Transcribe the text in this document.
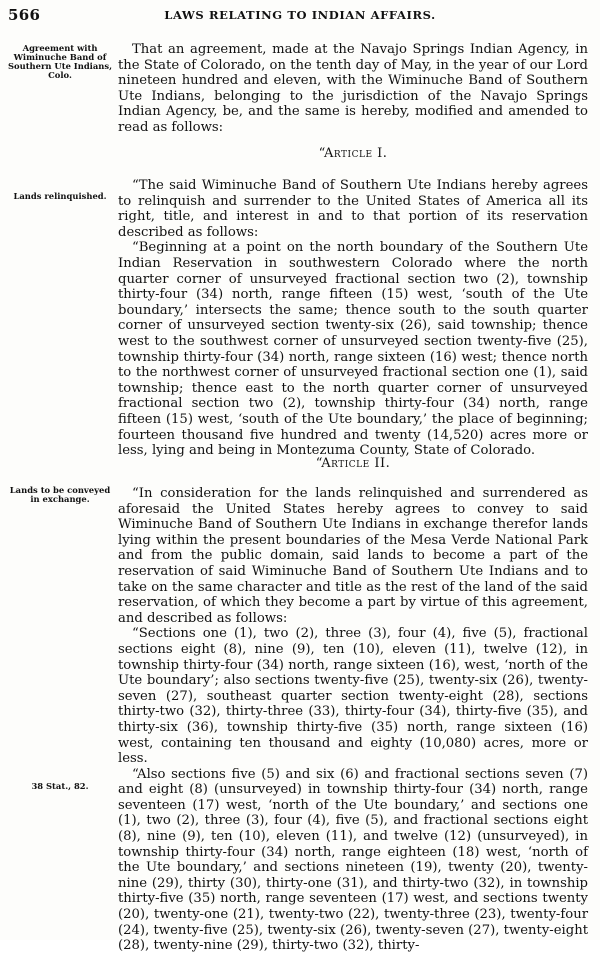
566	LAWS RELATING TO INDIAN AFFAIRS.
Agreement with Wiminuche Band of Southern Ute Indians, Colo.
Lands relinquished.
Lands to be conveyed in exchange.
38 Stat., 82.

That an agreement, made at the Navajo Springs Indian Agency, in the State of Colorado, on the tenth day of May, in the year of our Lord nineteen hundred and eleven, with the Wiminuche Band of Southern Ute Indians, belonging to the jurisdiction of the Navajo Springs Indian Agency, be, and the same is hereby, modified and amended to read as follows:

“Article I.

“The said Wiminuche Band of Southern Ute Indians hereby agrees to relinquish and surrender to the United States of America all its right, title, and interest in and to that portion of its reservation described as follows:

“Beginning at a point on the north boundary of the Southern Ute Indian Reservation in southwestern Colorado where the north quarter corner of unsurveyed fractional section two (2), township thirty-four (34) north, range fifteen (15) west, ‘south of the Ute boundary,’ intersects the same; thence south to the south quarter corner of unsurveyed section twenty-six (26), said township; thence west to the southwest corner of unsurveyed section twenty-five (25), township thirty-four (34) north, range sixteen (16) west; thence north to the northwest corner of unsurveyed fractional section one (1), said township; thence east to the north quarter corner of unsurveyed fractional section two (2), township thirty-four (34) north, range fifteen (15) west, ‘south of the Ute boundary,’ the place of beginning; fourteen thousand five hundred and twenty (14,520) acres more or less, lying and being in Montezuma County, State of Colorado.

“Article II.

“In consideration for the lands relinquished and surrendered as aforesaid the United States hereby agrees to convey to said Wiminuche Band of Southern Ute Indians in exchange therefor lands lying within the present boundaries of the Mesa Verde National Park and from the public domain, said lands to become a part of the reservation of said Wiminuche Band of Southern Ute Indians and to take on the same character and title as the rest of the land of the said reservation, of which they become a part by virtue of this agreement, and described as follows:

“Sections one (1), two (2), three (3), four (4), five (5), fractional sections eight (8), nine (9), ten (10), eleven (11), twelve (12), in township thirty-four (34) north, range sixteen (16), west, ‘north of the Ute boundary’; also sections twenty-five (25), twenty-six (26), twenty-seven (27), southeast quarter section twenty-eight (28), sections thirty-two (32), thirty-three (33), thirty-four (34), thirty-five (35), and thirty-six (36), township thirty-five (35) north, range sixteen (16) west, containing ten thousand and eighty (10,080) acres, more or less.

“Also sections five (5) and six (6) and fractional sections seven (7) and eight (8) (unsurveyed) in township thirty-four (34) north, range seventeen (17) west, ‘north of the Ute boundary,’ and sections one (1), two (2), three (3), four (4), five (5), and fractional sections eight (8), nine (9), ten (10), eleven (11), and twelve (12) (unsurveyed), in township thirty-four (34) north, range eighteen (18) west, ‘north of the Ute boundary,’ and sections nineteen (19), twenty (20), twenty-nine (29), thirty (30), thirty-one (31), and thirty-two (32), in township thirty-five (35) north, range seventeen (17) west, and sections twenty (20), twenty-one (21), twenty-two (22), twenty-three (23), twenty-four (24), twenty-five (25), twenty-six (26), twenty-seven (27), twenty-eight (28), twenty-nine (29), thirty-two (32), thirty-
